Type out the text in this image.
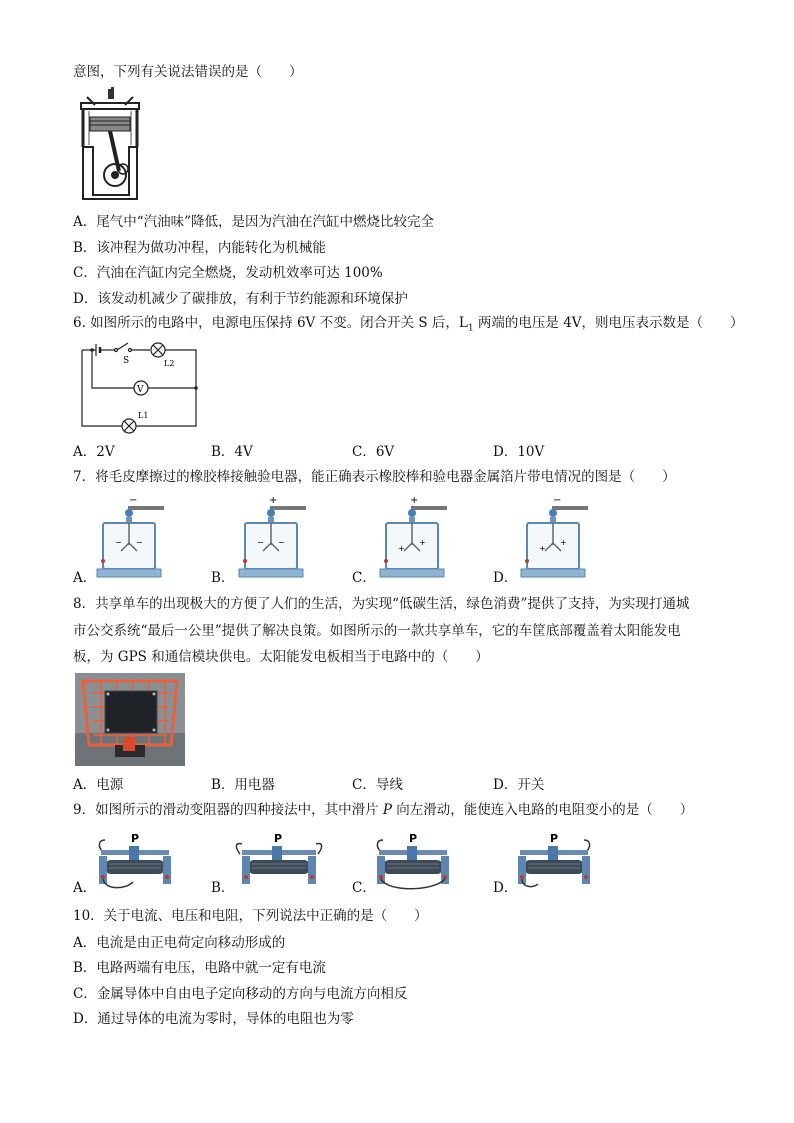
意图，下列有关说法错误的是（　　）
A．尾气中“汽油味”降低，是因为汽油在汽缸中燃烧比较完全
B．该冲程为做功冲程，内能转化为机械能
C．汽油在汽缸内完全燃烧，发动机效率可达 100%
D．该发动机减少了碳排放，有利于节约能源和环境保护
6. 如图所示的电路中，电源电压保持 6V 不变。闭合开关 S 后，$L_1$ 两端的电压是 4V，则电压表示数是（　　）
S	L2
V
L1
A．2V	B．4V	C．6V	D．10V
7．将毛皮摩擦过的橡胶棒接触验电器，能正确表示橡胶棒和验电器金属箔片带电情况的图是（　　）
A．	B．	C．	D．
−
− −
+
− −
+
+
+
−
+
+
8．共享单车的出现极大的方便了人们的生活，为实现“低碳生活，绿色消费”提供了支持，为实现打通城
市公交系统“最后一公里”提供了解决良策。如图所示的一款共享单车，它的车筐底部覆盖着太阳能发电
板，为 GPS 和通信模块供电。太阳能发电板相当于电路中的（　　）
A．电源	B．用电器	C．导线	D．开关
9．如图所示的滑动变阻器的四种接法中，其中滑片 P 向左滑动，能使连入电路的电阻变小的是（　　）
A．	B．	C．	D．
P	P	P	P
10．关于电流、电压和电阻，下列说法中正确的是（　　）
A．电流是由正电荷定向移动形成的
B．电路两端有电压，电路中就一定有电流
C．金属导体中自由电子定向移动的方向与电流方向相反
D．通过导体的电流为零时，导体的电阻也为零
